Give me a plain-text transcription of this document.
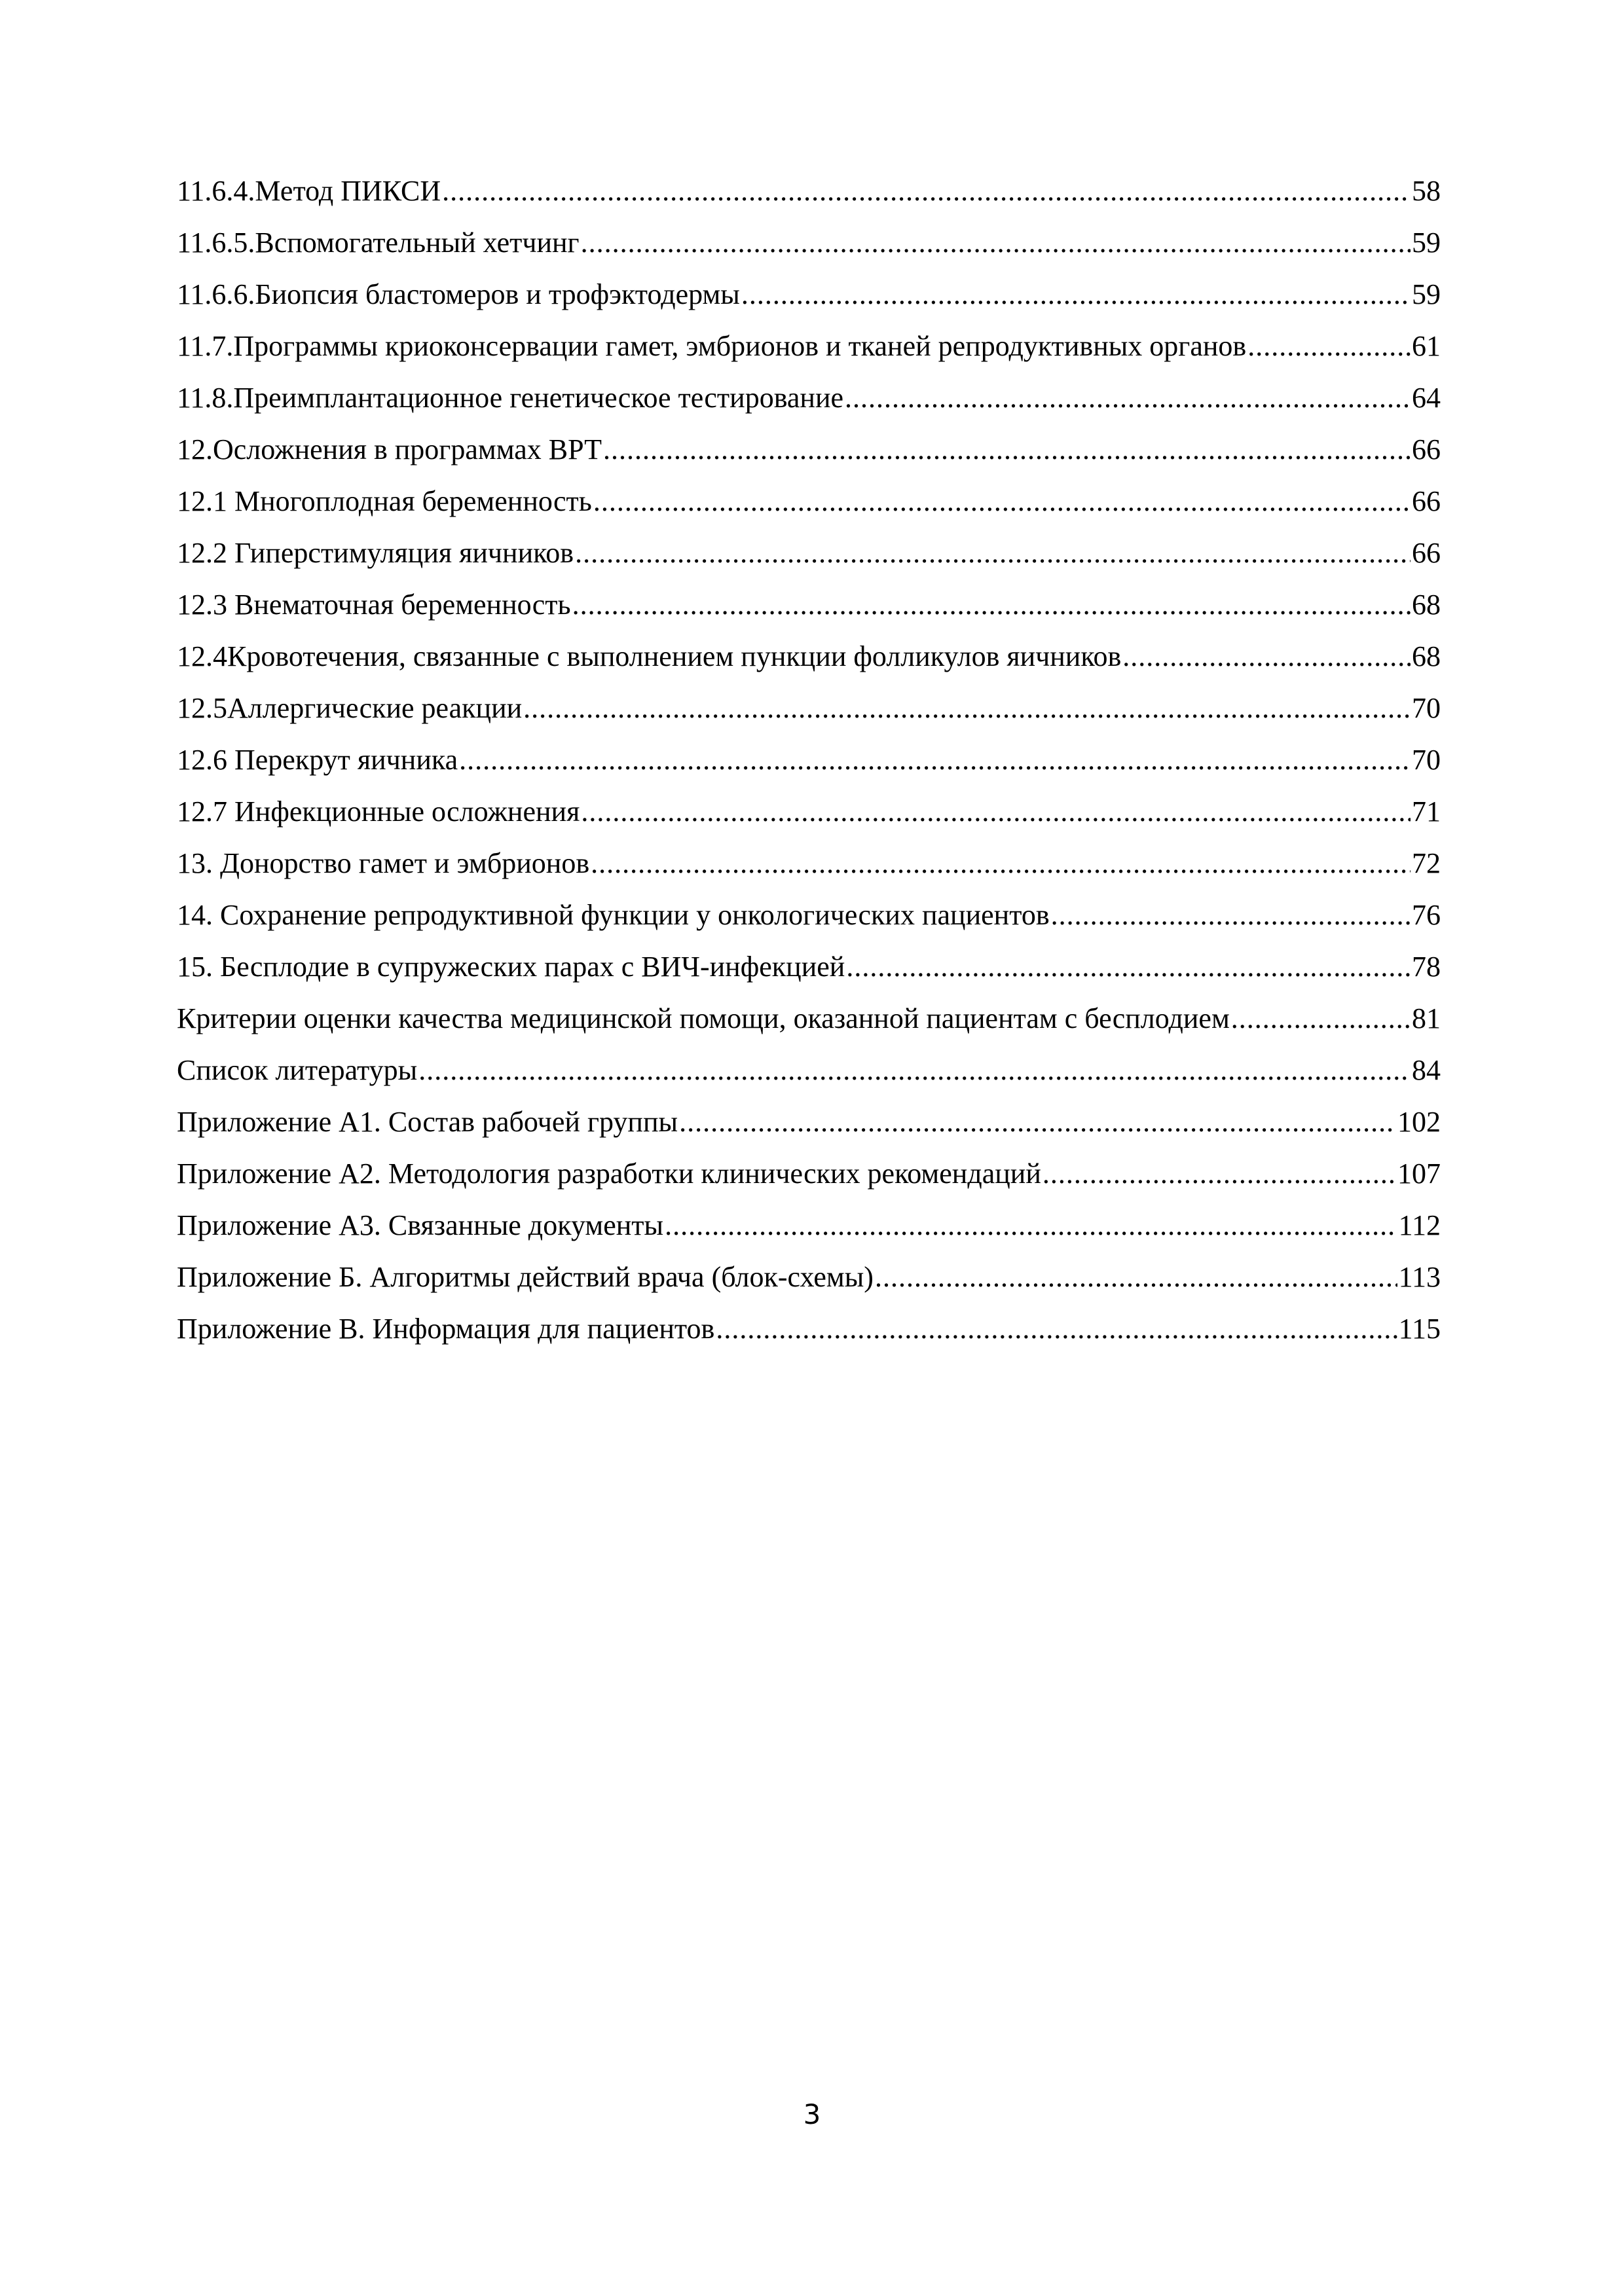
11.6.4.Метод ПИКСИ .....	58
11.6.5.Вспомогательный хетчинг .....	59
11.6.6.Биопсия бластомеров и трофэктодермы .....	59
11.7.Программы криоконсервации гамет, эмбрионов и тканей репродуктивных органов .....	61
11.8.Преимплантационное генетическое тестирование .....	64
12.Осложнения в программах ВРТ .....	66
12.1 Многоплодная беременность .....	66
12.2 Гиперстимуляция яичников .....	66
12.3 Внематочная беременность .....	68
12.4Кровотечения, связанные с выполнением пункции фолликулов яичников .....	68
12.5Аллергические реакции .....	70
12.6 Перекрут яичника .....	70
12.7 Инфекционные осложнения .....	71
13. Донорство гамет и эмбрионов .....	72
14. Сохранение репродуктивной функции у онкологических пациентов .....	76
15. Бесплодие в супружеских парах с ВИЧ-инфекцией .....	78
Критерии оценки качества медицинской помощи, оказанной пациентам с бесплодием .....	81
Список литературы .....	84
Приложение А1. Состав рабочей группы .....	102
Приложение А2. Методология разработки клинических рекомендаций .....	107
Приложение А3. Связанные документы .....	112
Приложение Б. Алгоритмы действий врача (блок-схемы) .....	113
Приложение В. Информация для пациентов .....	115
3
